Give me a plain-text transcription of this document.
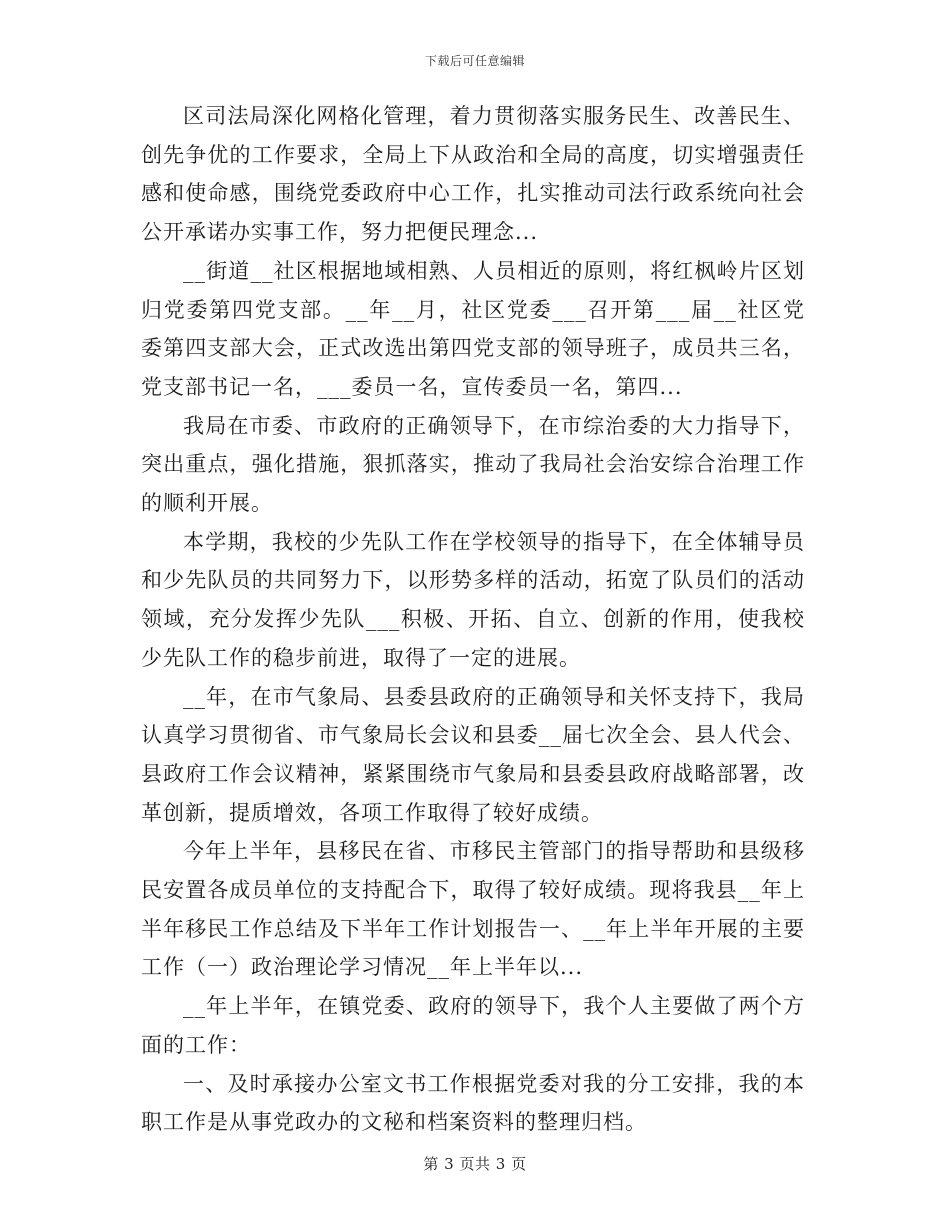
下载后可任意编辑

区司法局深化网格化管理，着力贯彻落实服务民生、改善民生、创先争优的工作要求，全局上下从政治和全局的高度，切实增强责任感和使命感，围绕党委政府中心工作，扎实推动司法行政系统向社会公开承诺办实事工作，努力把便民理念...

__街道__社区根据地域相熟、人员相近的原则，将红枫岭片区划归党委第四党支部。__年__月，社区党委___召开第___届__社区党委第四支部大会，正式改选出第四党支部的领导班子，成员共三名，党支部书记一名，___委员一名，宣传委员一名，第四...

我局在市委、市政府的正确领导下，在市综治委的大力指导下，突出重点，强化措施，狠抓落实，推动了我局社会治安综合治理工作的顺利开展。

本学期，我校的少先队工作在学校领导的指导下，在全体辅导员和少先队员的共同努力下，以形势多样的活动，拓宽了队员们的活动领域，充分发挥少先队___积极、开拓、自立、创新的作用，使我校少先队工作的稳步前进，取得了一定的进展。

__年，在市气象局、县委县政府的正确领导和关怀支持下，我局认真学习贯彻省、市气象局长会议和县委__届七次全会、县人代会、县政府工作会议精神，紧紧围绕市气象局和县委县政府战略部署，改革创新，提质增效，各项工作取得了较好成绩。

今年上半年，县移民在省、市移民主管部门的指导帮助和县级移民安置各成员单位的支持配合下，取得了较好成绩。现将我县__年上半年移民工作总结及下半年工作计划报告一、__年上半年开展的主要工作（一）政治理论学习情况__年上半年以...

__年上半年，在镇党委、政府的领导下，我个人主要做了两个方面的工作：

一、及时承接办公室文书工作根据党委对我的分工安排，我的本职工作是从事党政办的文秘和档案资料的整理归档。

第 3 页共 3 页
